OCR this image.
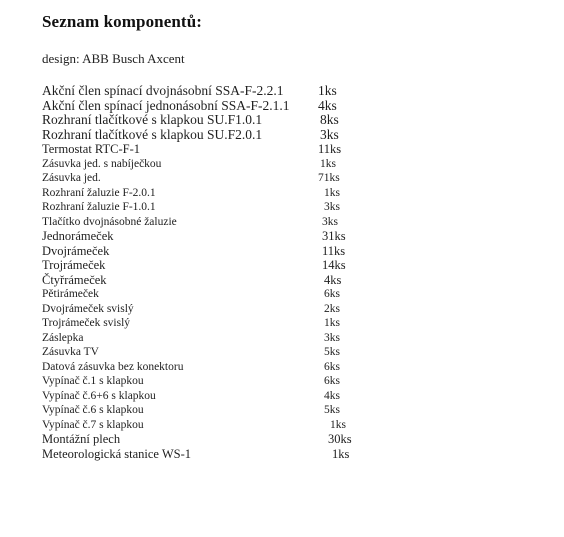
Seznam komponentů:
design: ABB Busch Axcent
Akční člen spínací dvojnásobní SSA-F-2.2.1	1ks
Akční člen spínací jednonásobní SSA-F-2.1.1 4ks
Rozhraní tlačítkové s klapkou SU.F1.0.1	8ks
Rozhraní tlačítkové s klapkou SU.F2.0.1	3ks
Termostat RTC-F-1	11ks
Zásuvka jed. s nabíječkou	1ks
Zásuvka jed.	71ks
Rozhraní žaluzie F-2.0.1	1ks
Rozhraní žaluzie F-1.0.1	3ks
Tlačítko dvojnásobné žaluzie	3ks
Jednorámeček	31ks
Dvojrámeček	11ks
Trojrámeček	14ks
Čtyřrámeček	4ks
Pětirámeček	6ks
Dvojrámeček svislý	2ks
Trojrámeček svislý	1ks
Záslepka	3ks
Zásuvka TV	5ks
Datová zásuvka bez konektoru	6ks
Vypínač č.1 s klapkou	6ks
Vypínač č.6+6 s klapkou	4ks
Vypínač č.6 s klapkou	5ks
Vypínač č.7 s klapkou	1ks
Montážní plech	30ks
Meteorologická stanice WS-1	1ks
